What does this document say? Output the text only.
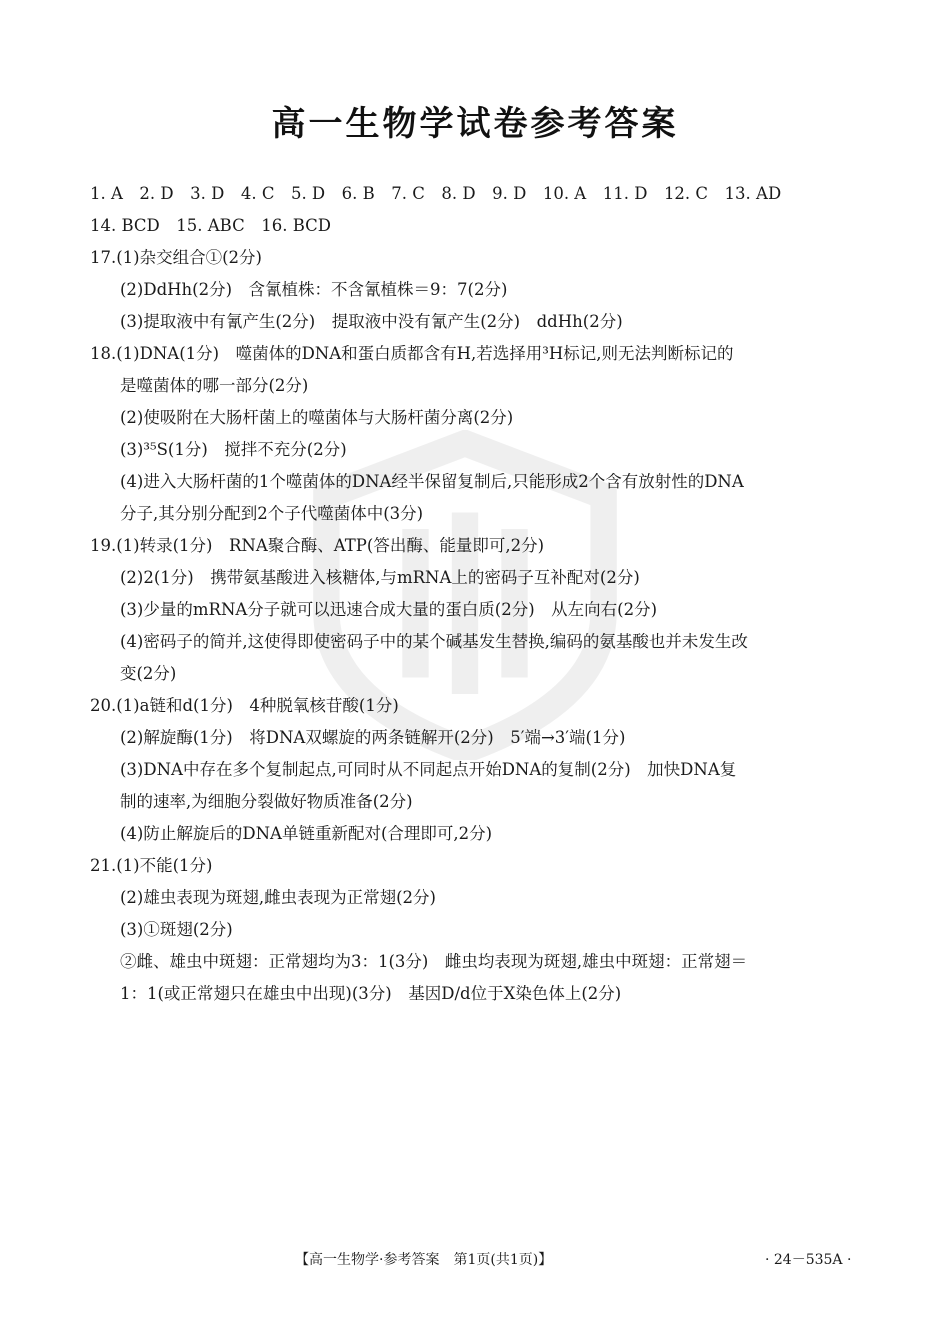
高一生物学试卷参考答案
1. A　2. D　3. D　4. C　5. D　6. B　7. C　8. D　9. D　10. A　11. D　12. C　13. AD
14. BCD　15. ABC　16. BCD
17.(1)杂交组合①(2分)
(2)DdHh(2分)　含氰植株：不含氰植株＝9：7(2分)
(3)提取液中有氰产生(2分)　提取液中没有氰产生(2分)　ddHh(2分)
18.(1)DNA(1分)　噬菌体的DNA和蛋白质都含有H,若选择用³H标记,则无法判断标记的
是噬菌体的哪一部分(2分)
(2)使吸附在大肠杆菌上的噬菌体与大肠杆菌分离(2分)
(3)³⁵S(1分)　搅拌不充分(2分)
(4)进入大肠杆菌的1个噬菌体的DNA经半保留复制后,只能形成2个含有放射性的DNA
分子,其分别分配到2个子代噬菌体中(3分)
19.(1)转录(1分)　RNA聚合酶、ATP(答出酶、能量即可,2分)
(2)2(1分)　携带氨基酸进入核糖体,与mRNA上的密码子互补配对(2分)
(3)少量的mRNA分子就可以迅速合成大量的蛋白质(2分)　从左向右(2分)
(4)密码子的简并,这使得即使密码子中的某个碱基发生替换,编码的氨基酸也并未发生改
变(2分)
20.(1)a链和d(1分)　4种脱氧核苷酸(1分)
(2)解旋酶(1分)　将DNA双螺旋的两条链解开(2分)　5′端→3′端(1分)
(3)DNA中存在多个复制起点,可同时从不同起点开始DNA的复制(2分)　加快DNA复
制的速率,为细胞分裂做好物质准备(2分)
(4)防止解旋后的DNA单链重新配对(合理即可,2分)
21.(1)不能(1分)
(2)雄虫表现为斑翅,雌虫表现为正常翅(2分)
(3)①斑翅(2分)
②雌、雄虫中斑翅：正常翅均为3：1(3分)　雌虫均表现为斑翅,雄虫中斑翅：正常翅＝
1：1(或正常翅只在雄虫中出现)(3分)　基因D/d位于X染色体上(2分)
【高一生物学·参考答案　第1页(共1页)】	· 24－535A ·
